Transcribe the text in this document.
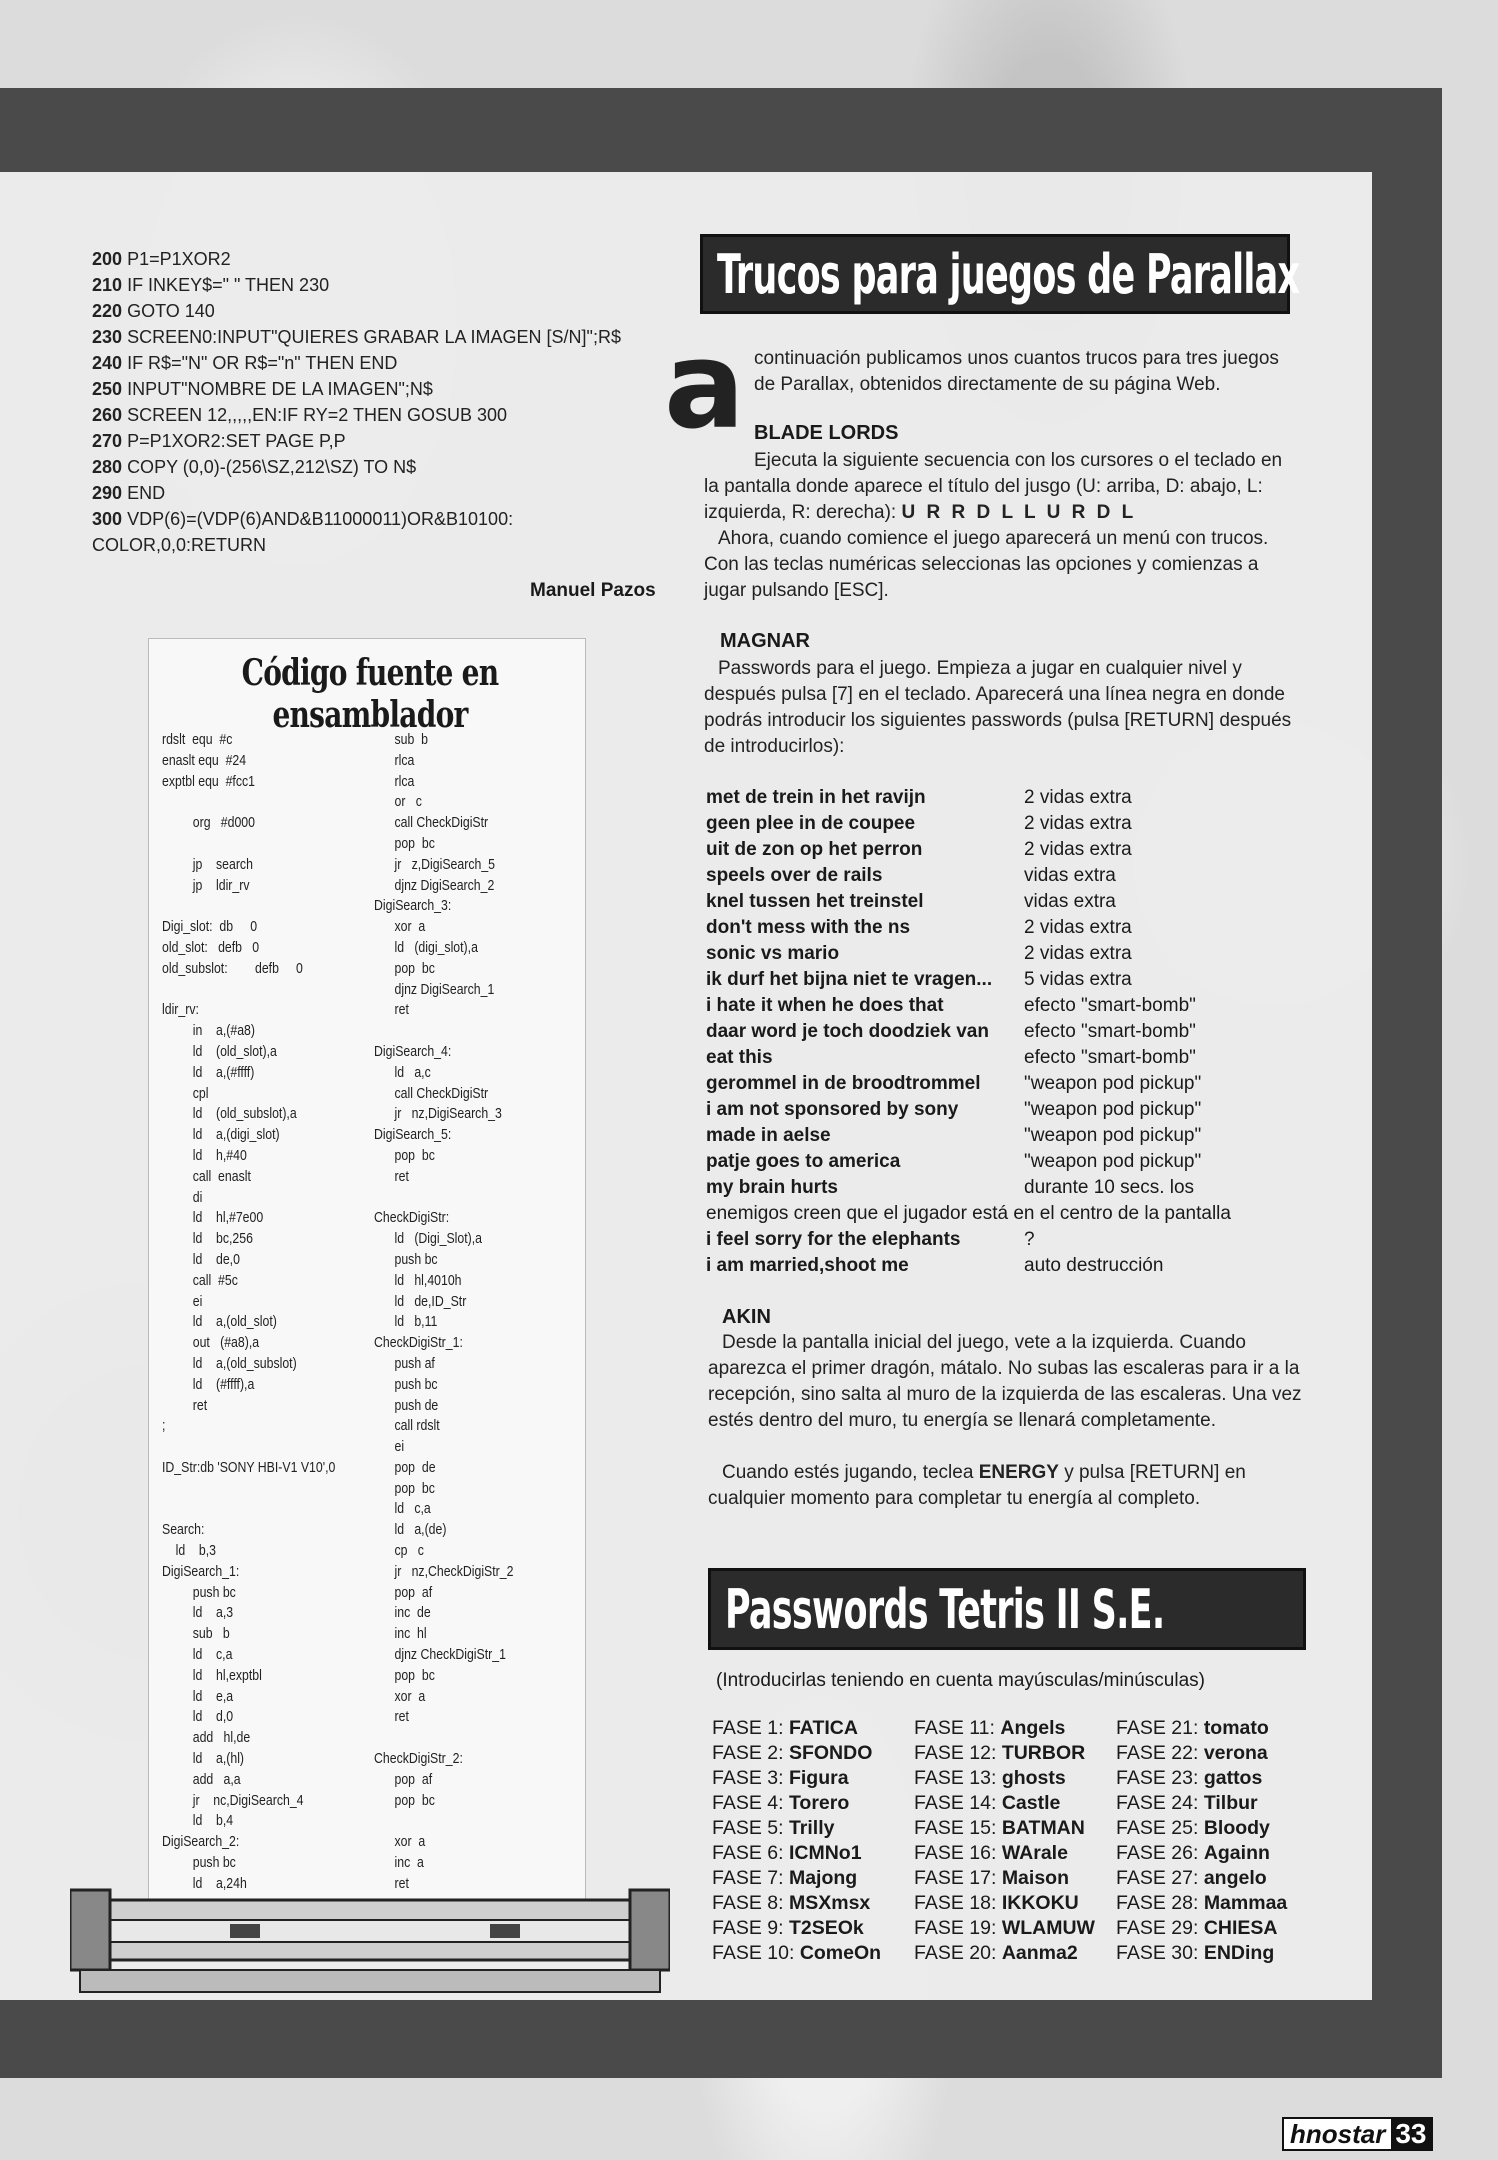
200 P1=P1XOR2
210 IF INKEY$=" " THEN 230
220 GOTO 140
230 SCREEN0:INPUT"QUIERES GRABAR LA IMAGEN [S/N]";R$
240 IF R$="N" OR R$="n" THEN END
250 INPUT"NOMBRE DE LA IMAGEN";N$
260 SCREEN 12,,,,,EN:IF RY=2 THEN GOSUB 300
270 P=P1XOR2:SET PAGE P,P
280 COPY (0,0)-(256\SZ,212\SZ) TO N$
290 END
300 VDP(6)=(VDP(6)AND&B11000011)OR&B10100:
COLOR,0,0:RETURN
Manuel Pazos
Código fuente en ensamblador
rdslt  equ  #c
enaslt equ  #24
exptbl equ  #fcc1

org   #d000

jp    search
jp    ldir_rv

Digi_slot:  db     0
old_slot:   defb   0
old_subslot:        defb     0

ldir_rv:
in    a,(#a8)
ld    (old_slot),a
ld    a,(#ffff)
cpl
ld    (old_subslot),a
ld    a,(digi_slot)
ld    h,#40
call  enaslt
di
ld    hl,#7e00
ld    bc,256
ld    de,0
call  #5c
ei
ld    a,(old_slot)
out   (#a8),a
ld    a,(old_subslot)
ld    (#ffff),a
ret
;

ID_Str:db 'SONY HBI-V1 V10',0

Search:
ld    b,3
DigiSearch_1:
push bc
ld    a,3
sub   b
ld    c,a
ld    hl,exptbl
ld    e,a
ld    d,0
add   hl,de
ld    a,(hl)
add   a,a
jr    nc,DigiSearch_4
ld    b,4
DigiSearch_2:
push bc
ld    a,24h
sub  b
rlca
rlca
or   c
call CheckDigiStr
pop  bc
jr   z,DigiSearch_5
djnz DigiSearch_2
DigiSearch_3:
xor  a
ld   (digi_slot),a
pop  bc
djnz DigiSearch_1
ret

DigiSearch_4:
ld   a,c
call CheckDigiStr
jr   nz,DigiSearch_3
DigiSearch_5:
pop  bc
ret

CheckDigiStr:
ld   (Digi_Slot),a
push bc
ld   hl,4010h
ld   de,ID_Str
ld   b,11
CheckDigiStr_1:
push af
push bc
push de
call rdslt
ei
pop  de
pop  bc
ld   c,a
ld   a,(de)
cp   c
jr   nz,CheckDigiStr_2
pop  af
inc  de
inc  hl
djnz CheckDigiStr_1
pop  bc
xor  a
ret

CheckDigiStr_2:
pop  af
pop  bc

xor  a
inc  a
ret
Trucos para juegos de Parallax
a continuación publicamos unos cuantos trucos para tres juegos de Parallax, obtenidos directamente de su página Web.
BLADE LORDS
Ejecuta la siguiente secuencia con los cursores o el teclado en la pantalla donde aparece el título del jusgo (U: arriba, D: abajo, L: izquierda, R: derecha): U R R D L L U R D L
Ahora, cuando comience el juego aparecerá un menú con trucos. Con las teclas numéricas seleccionas las opciones y comienzas a jugar pulsando [ESC].
MAGNAR
Passwords para el juego. Empieza a jugar en cualquier nivel y después pulsa [7] en el teclado. Aparecerá una línea negra en donde podrás introducir los siguientes passwords (pulsa [RETURN] después de introducirlos):
met de trein in het ravijn	2 vidas extra
geen plee in de coupee	2 vidas extra
uit de zon op het perron	2 vidas extra
speels over de rails	vidas extra
knel tussen het treinstel	vidas extra
don't mess with the ns	2 vidas extra
sonic vs mario	2 vidas extra
ik durf het bijna niet te vragen...	5 vidas extra
i hate it when he does that	efecto "smart-bomb"
daar word je toch doodziek van	efecto "smart-bomb"
eat this	efecto "smart-bomb"
gerommel in de broodtrommel	"weapon pod pickup"
i am not sponsored by sony	"weapon pod pickup"
made in aelse	"weapon pod pickup"
patje goes to america	"weapon pod pickup"
my brain hurts	durante 10 secs. los
enemigos creen que el jugador está en el centro de la pantalla
i feel sorry for the elephants	?
i am married,shoot me	auto destrucción
AKIN
Desde la pantalla inicial del juego, vete a la izquierda. Cuando aparezca el primer dragón, mátalo. No subas las escaleras para ir a la recepción, sino salta al muro de la izquierda de las escaleras. Una vez estés dentro del muro, tu energía se llenará completamente.
Cuando estés jugando, teclea ENERGY y pulsa [RETURN] en cualquier momento para completar tu energía al completo.
Passwords Tetris II S.E.
(Introducirlas teniendo en cuenta mayúsculas/minúsculas)
FASE 1: FATICA	FASE 11: Angels	FASE 21: tomato
FASE 2: SFONDO	FASE 12: TURBOR	FASE 22: verona
FASE 3: Figura	FASE 13: ghosts	FASE 23: gattos
FASE 4: Torero	FASE 14: Castle	FASE 24: Tilbur
FASE 5: Trilly	FASE 15: BATMAN	FASE 25: Bloody
FASE 6: ICMNo1	FASE 16: WArale	FASE 26: Againn
FASE 7: Majong	FASE 17: Maison	FASE 27: angelo
FASE 8: MSXmsx	FASE 18: IKKOKU	FASE 28: Mammaa
FASE 9: T2SEOk	FASE 19: WLAMUW	FASE 29: CHIESA
FASE 10: ComeOn	FASE 20: Aanma2	FASE 30: ENDing
hnostar 33
